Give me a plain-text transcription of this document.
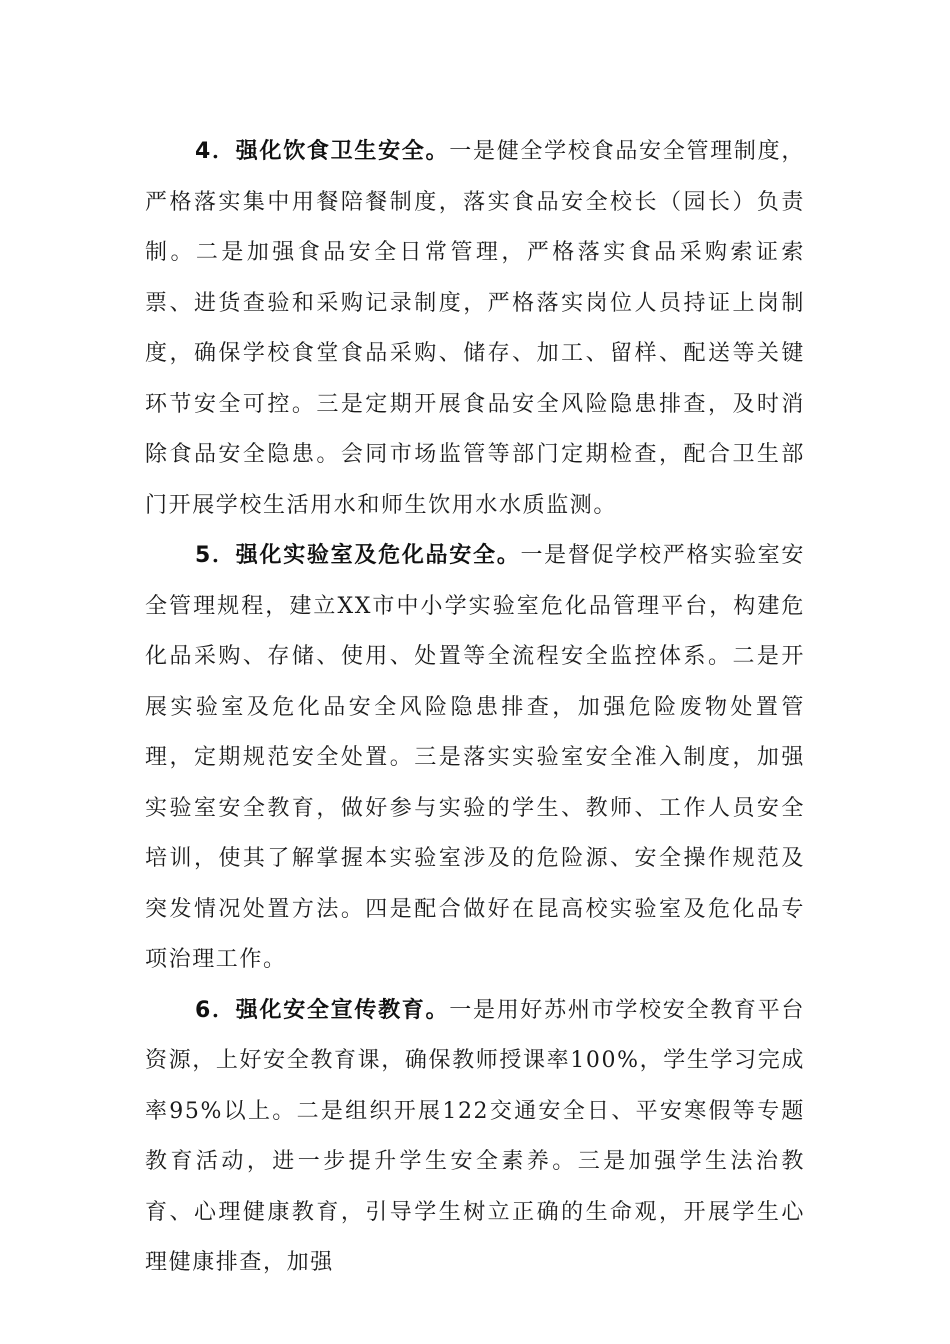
4．强化饮食卫生安全。一是健全学校食品安全管理制度，严格落实集中用餐陪餐制度，落实食品安全校长（园长）负责制。二是加强食品安全日常管理，严格落实食品采购索证索票、进货查验和采购记录制度，严格落实岗位人员持证上岗制度，确保学校食堂食品采购、储存、加工、留样、配送等关键环节安全可控。三是定期开展食品安全风险隐患排查，及时消除食品安全隐患。会同市场监管等部门定期检查，配合卫生部门开展学校生活用水和师生饮用水水质监测。

5．强化实验室及危化品安全。一是督促学校严格实验室安全管理规程，建立XX市中小学实验室危化品管理平台，构建危化品采购、存储、使用、处置等全流程安全监控体系。二是开展实验室及危化品安全风险隐患排查，加强危险废物处置管理，定期规范安全处置。三是落实实验室安全准入制度，加强实验室安全教育，做好参与实验的学生、教师、工作人员安全培训，使其了解掌握本实验室涉及的危险源、安全操作规范及突发情况处置方法。四是配合做好在昆高校实验室及危化品专项治理工作。

6．强化安全宣传教育。一是用好苏州市学校安全教育平台资源，上好安全教育课，确保教师授课率100%，学生学习完成率95%以上。二是组织开展122交通安全日、平安寒假等专题教育活动，进一步提升学生安全素养。三是加强学生法治教育、心理健康教育，引导学生树立正确的生命观，开展学生心理健康排查，加强
